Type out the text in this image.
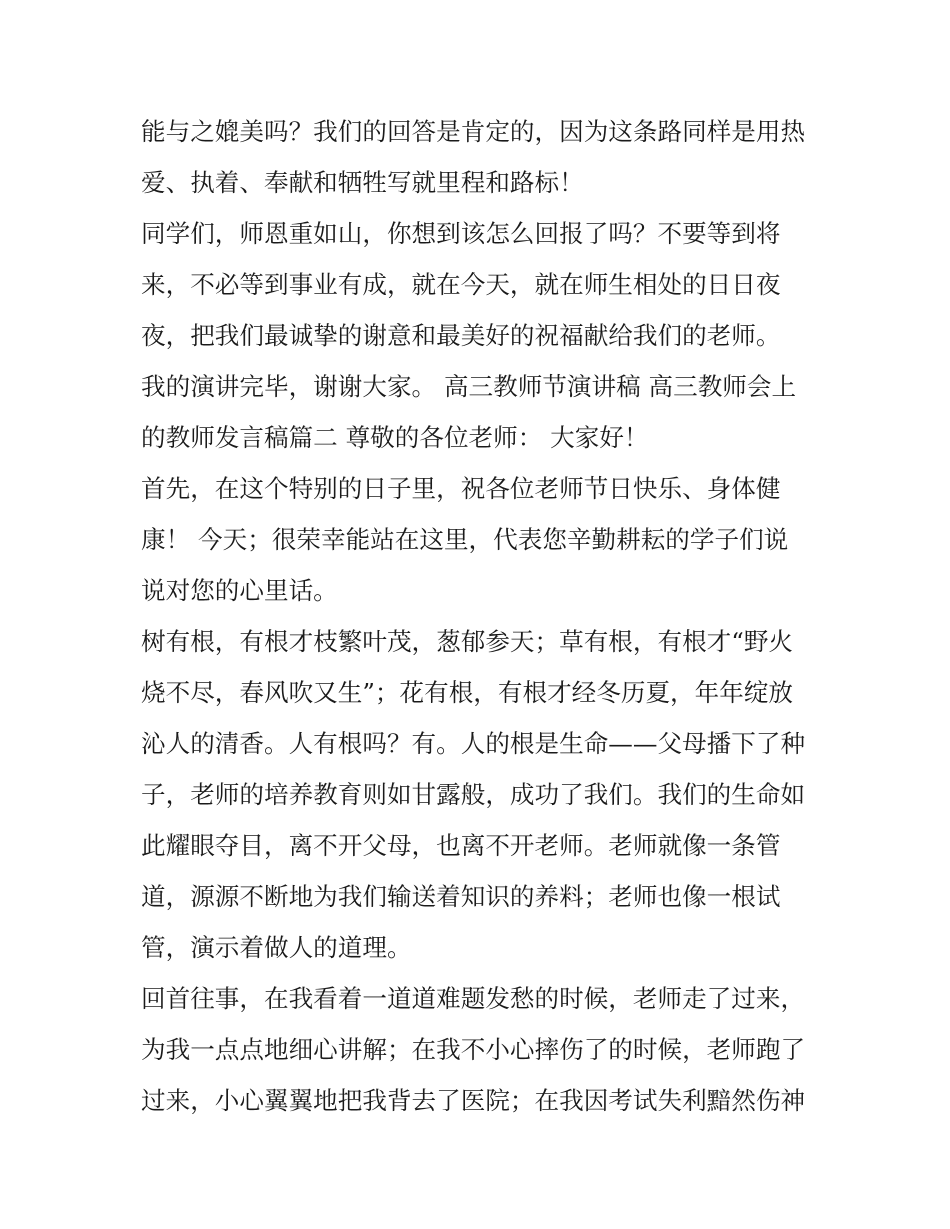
能与之媲美吗？我们的回答是肯定的，因为这条路同样是用热
爱、执着、奉献和牺牲写就里程和路标！
同学们，师恩重如山，你想到该怎么回报了吗？不要等到将
来，不必等到事业有成，就在今天，就在师生相处的日日夜
夜，把我们最诚挚的谢意和最美好的祝福献给我们的老师。
我的演讲完毕，谢谢大家。 高三教师节演讲稿 高三教师会上
的教师发言稿篇二 尊敬的各位老师： 大家好！
首先，在这个特别的日子里，祝各位老师节日快乐、身体健
康！ 今天；很荣幸能站在这里，代表您辛勤耕耘的学子们说
说对您的心里话。
树有根，有根才枝繁叶茂，葱郁参天；草有根，有根才“野火
烧不尽，春风吹又生”；花有根，有根才经冬历夏，年年绽放
沁人的清香。人有根吗？有。人的根是生命——父母播下了种
子，老师的培养教育则如甘露般，成功了我们。我们的生命如
此耀眼夺目，离不开父母，也离不开老师。老师就像一条管
道，源源不断地为我们输送着知识的养料；老师也像一根试
管，演示着做人的道理。
回首往事，在我看着一道道难题发愁的时候，老师走了过来，
为我一点点地细心讲解；在我不小心摔伤了的时候，老师跑了
过来，小心翼翼地把我背去了医院；在我因考试失利黯然伤神
